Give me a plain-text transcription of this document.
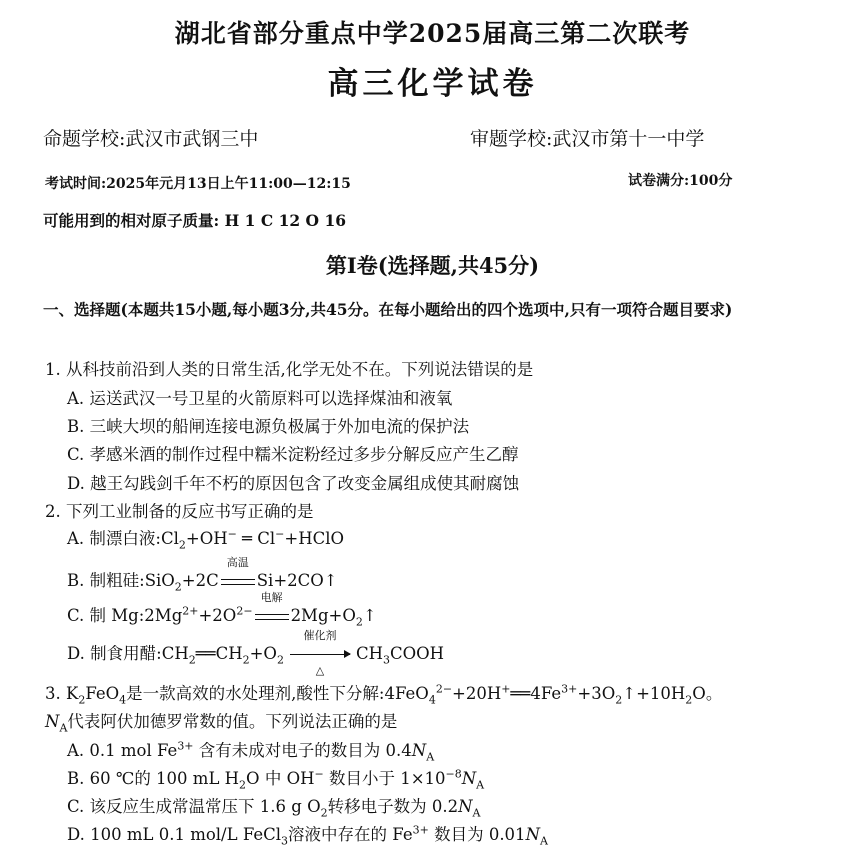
湖北省部分重点中学2025届高三第二次联考
高三化学试卷
命题学校:武汉市武钢三中	审题学校:武汉市第十一中学
考试时间:2025年元月13日上午11:00—12:15	试卷满分:100分
可能用到的相对原子质量: H 1 C 12 O 16
第Ⅰ卷(选择题,共45分)
一、选择题(本题共15小题,每小题3分,共45分。在每小题给出的四个选项中,只有一项符合题目要求)
1. 从科技前沿到人类的日常生活,化学无处不在。下列说法错误的是
A. 运送武汉一号卫星的火箭原料可以选择煤油和液氧
B. 三峡大坝的船闸连接电源负极属于外加电流的保护法
C. 孝感米酒的制作过程中糯米淀粉经过多步分解反应产生乙醇
D. 越王勾践剑千年不朽的原因包含了改变金属组成使其耐腐蚀
2. 下列工业制备的反应书写正确的是
A. 制漂白液$:Cl_2+OH^-$ ═ Cl−+HClO
B. 制粗硅:SiO$_2$+2C
高温
Si+2CO↑
C. 制 $Mg:2Mg^{2+}+2O^{2-}$
电解
$2Mg+O_2↑$
D. 制食用醋$:CH_2══CH_2+O_2$
催化剂
△
$CH_3COOH$
3. $K_2FeO_4$是一款高效的水处理剂,酸性下分解$:4FeO_4^{2-}+20H^+══4Fe^{3+}+3O_2↑+10H_2O$。
$N_A$代表阿伏加德罗常数的值。下列说法正确的是
A. 0.1 mol $Fe^{3+}$ 含有未成对电子的数目为 $0.4N_A$
B. 60 ℃的 100 mL $H_2O$ 中 OH− 数目小于 $1\times 10^{-8}N_A$
C. 该反应生成常温常压下 1.6 g $O_2$转移电子数为 $0.2N_A$
D. 100 mL 0.1 mol/L FeCl$_3$溶液中存在的 $Fe^{3+}$ 数目为 $0.01N_A$
